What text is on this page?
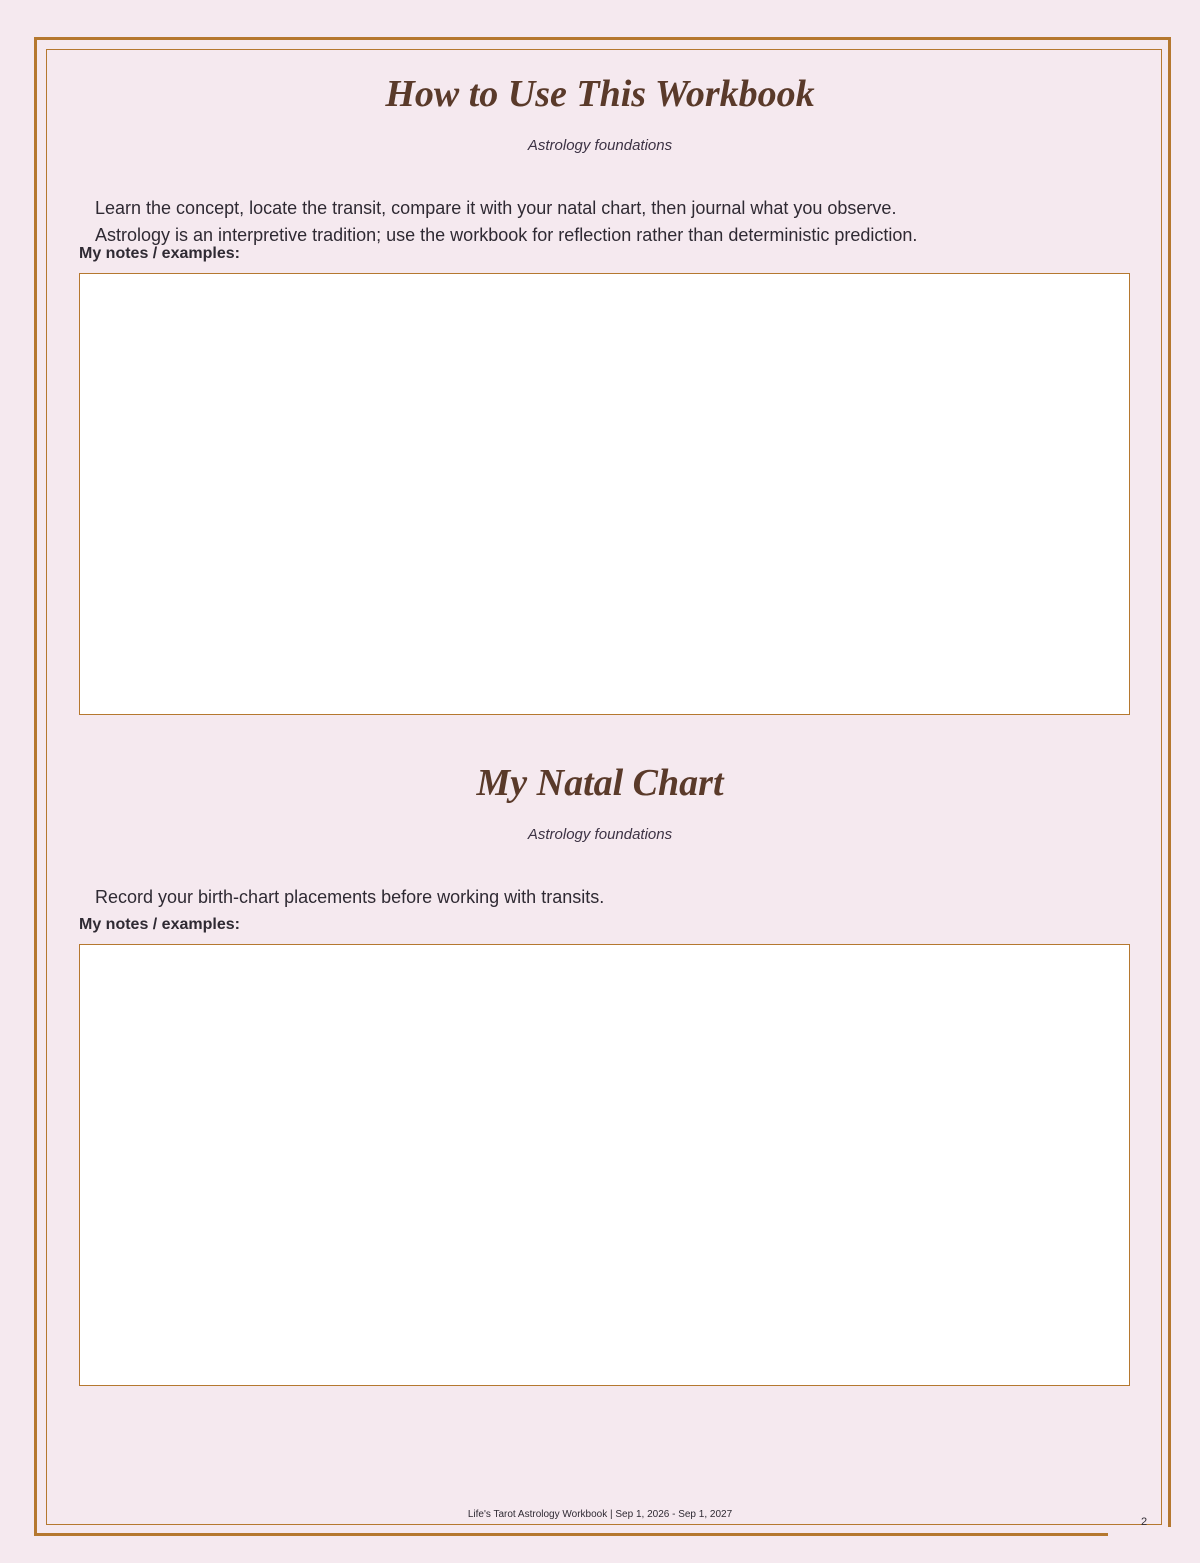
How to Use This Workbook

Astrology foundations

Learn the concept, locate the transit, compare it with your natal chart, then journal what you observe.

Astrology is an interpretive tradition; use the workbook for reflection rather than deterministic prediction.

My notes / examples:

My Natal Chart

Astrology foundations

Record your birth-chart placements before working with transits.

My notes / examples:

Life's Tarot Astrology Workbook | Sep 1, 2026 - Sep 1, 2027
2
